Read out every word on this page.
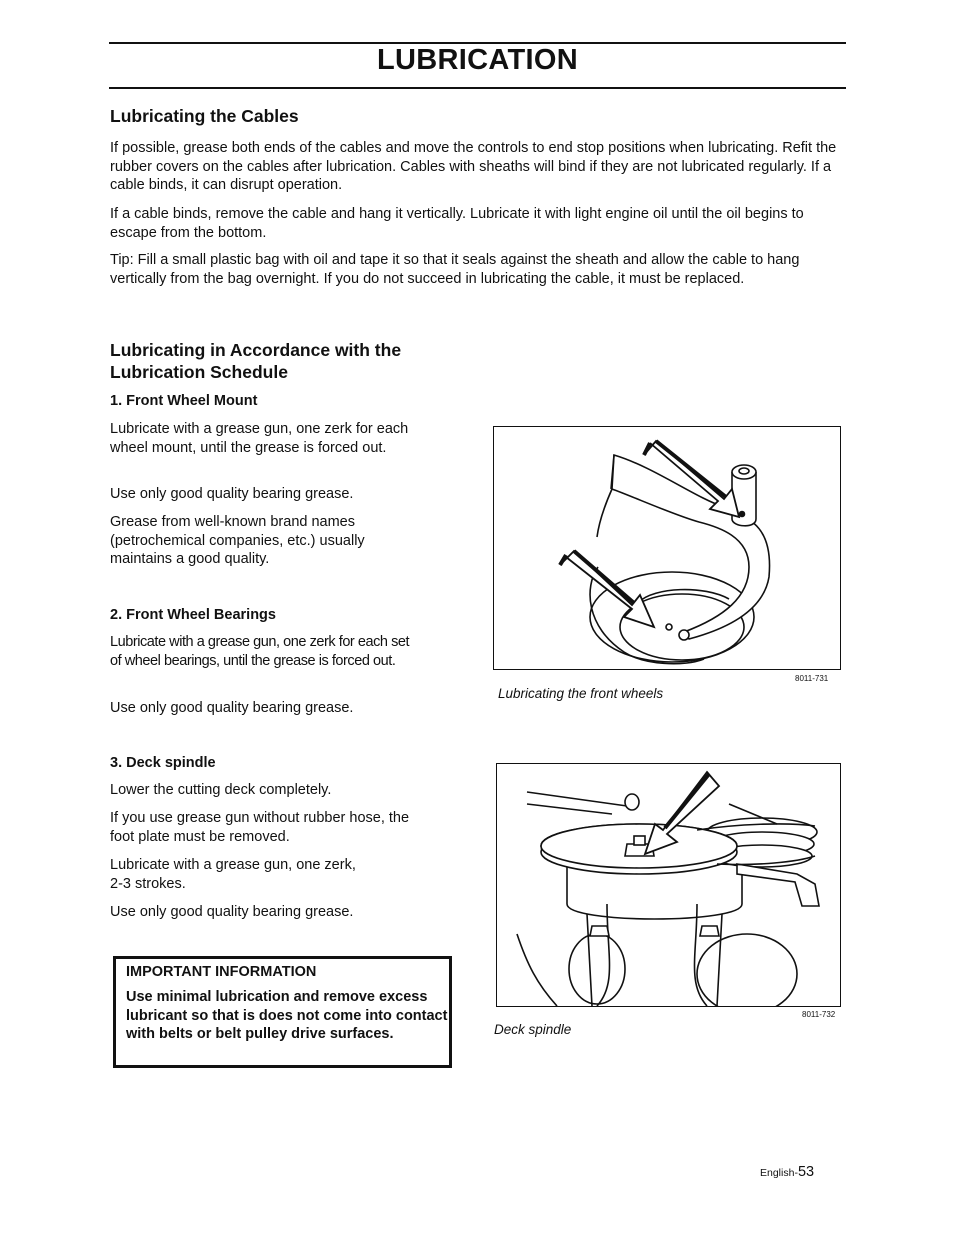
LUBRICATION
Lubricating the Cables

If possible, grease both ends of the cables and move the controls to end stop positions when lubricating. Refit the rubber covers on the cables after lubrication. Cables with sheaths will bind if they are not lubricated regularly. If a cable binds, it can disrupt operation.

If a cable binds, remove the cable and hang it vertically. Lubricate it with light engine oil until the oil begins to escape from the bottom.

Tip: Fill a small plastic bag with oil and tape it so that it seals against the sheath and allow the cable to hang vertically from the bag overnight. If you do not succeed in lubricating the cable, it must be replaced.

Lubricating in Accordance with the
Lubrication Schedule
1. Front Wheel Mount

Lubricate with a grease gun, one zerk for each wheel mount, until the grease is forced out.

Use only good quality bearing grease.

Grease from well-known brand names (petrochemical companies, etc.) usually maintains a good quality.

2. Front Wheel Bearings

Lubricate with a grease gun, one zerk for each set of wheel bearings, until the grease is forced out.

Use only good quality bearing grease.

3. Deck spindle

Lower the cutting deck completely.

If you use grease gun without rubber hose, the foot plate must be removed.

Lubricate with a grease gun, one zerk,
2-3 strokes.

Use only good quality bearing grease.

IMPORTANT INFORMATION
Use minimal lubrication and remove excess lubricant so that is does not come into contact with belts or belt pulley drive surfaces.
8011-731
Lubricating the front wheels
8011-732
Deck spindle
English-53
